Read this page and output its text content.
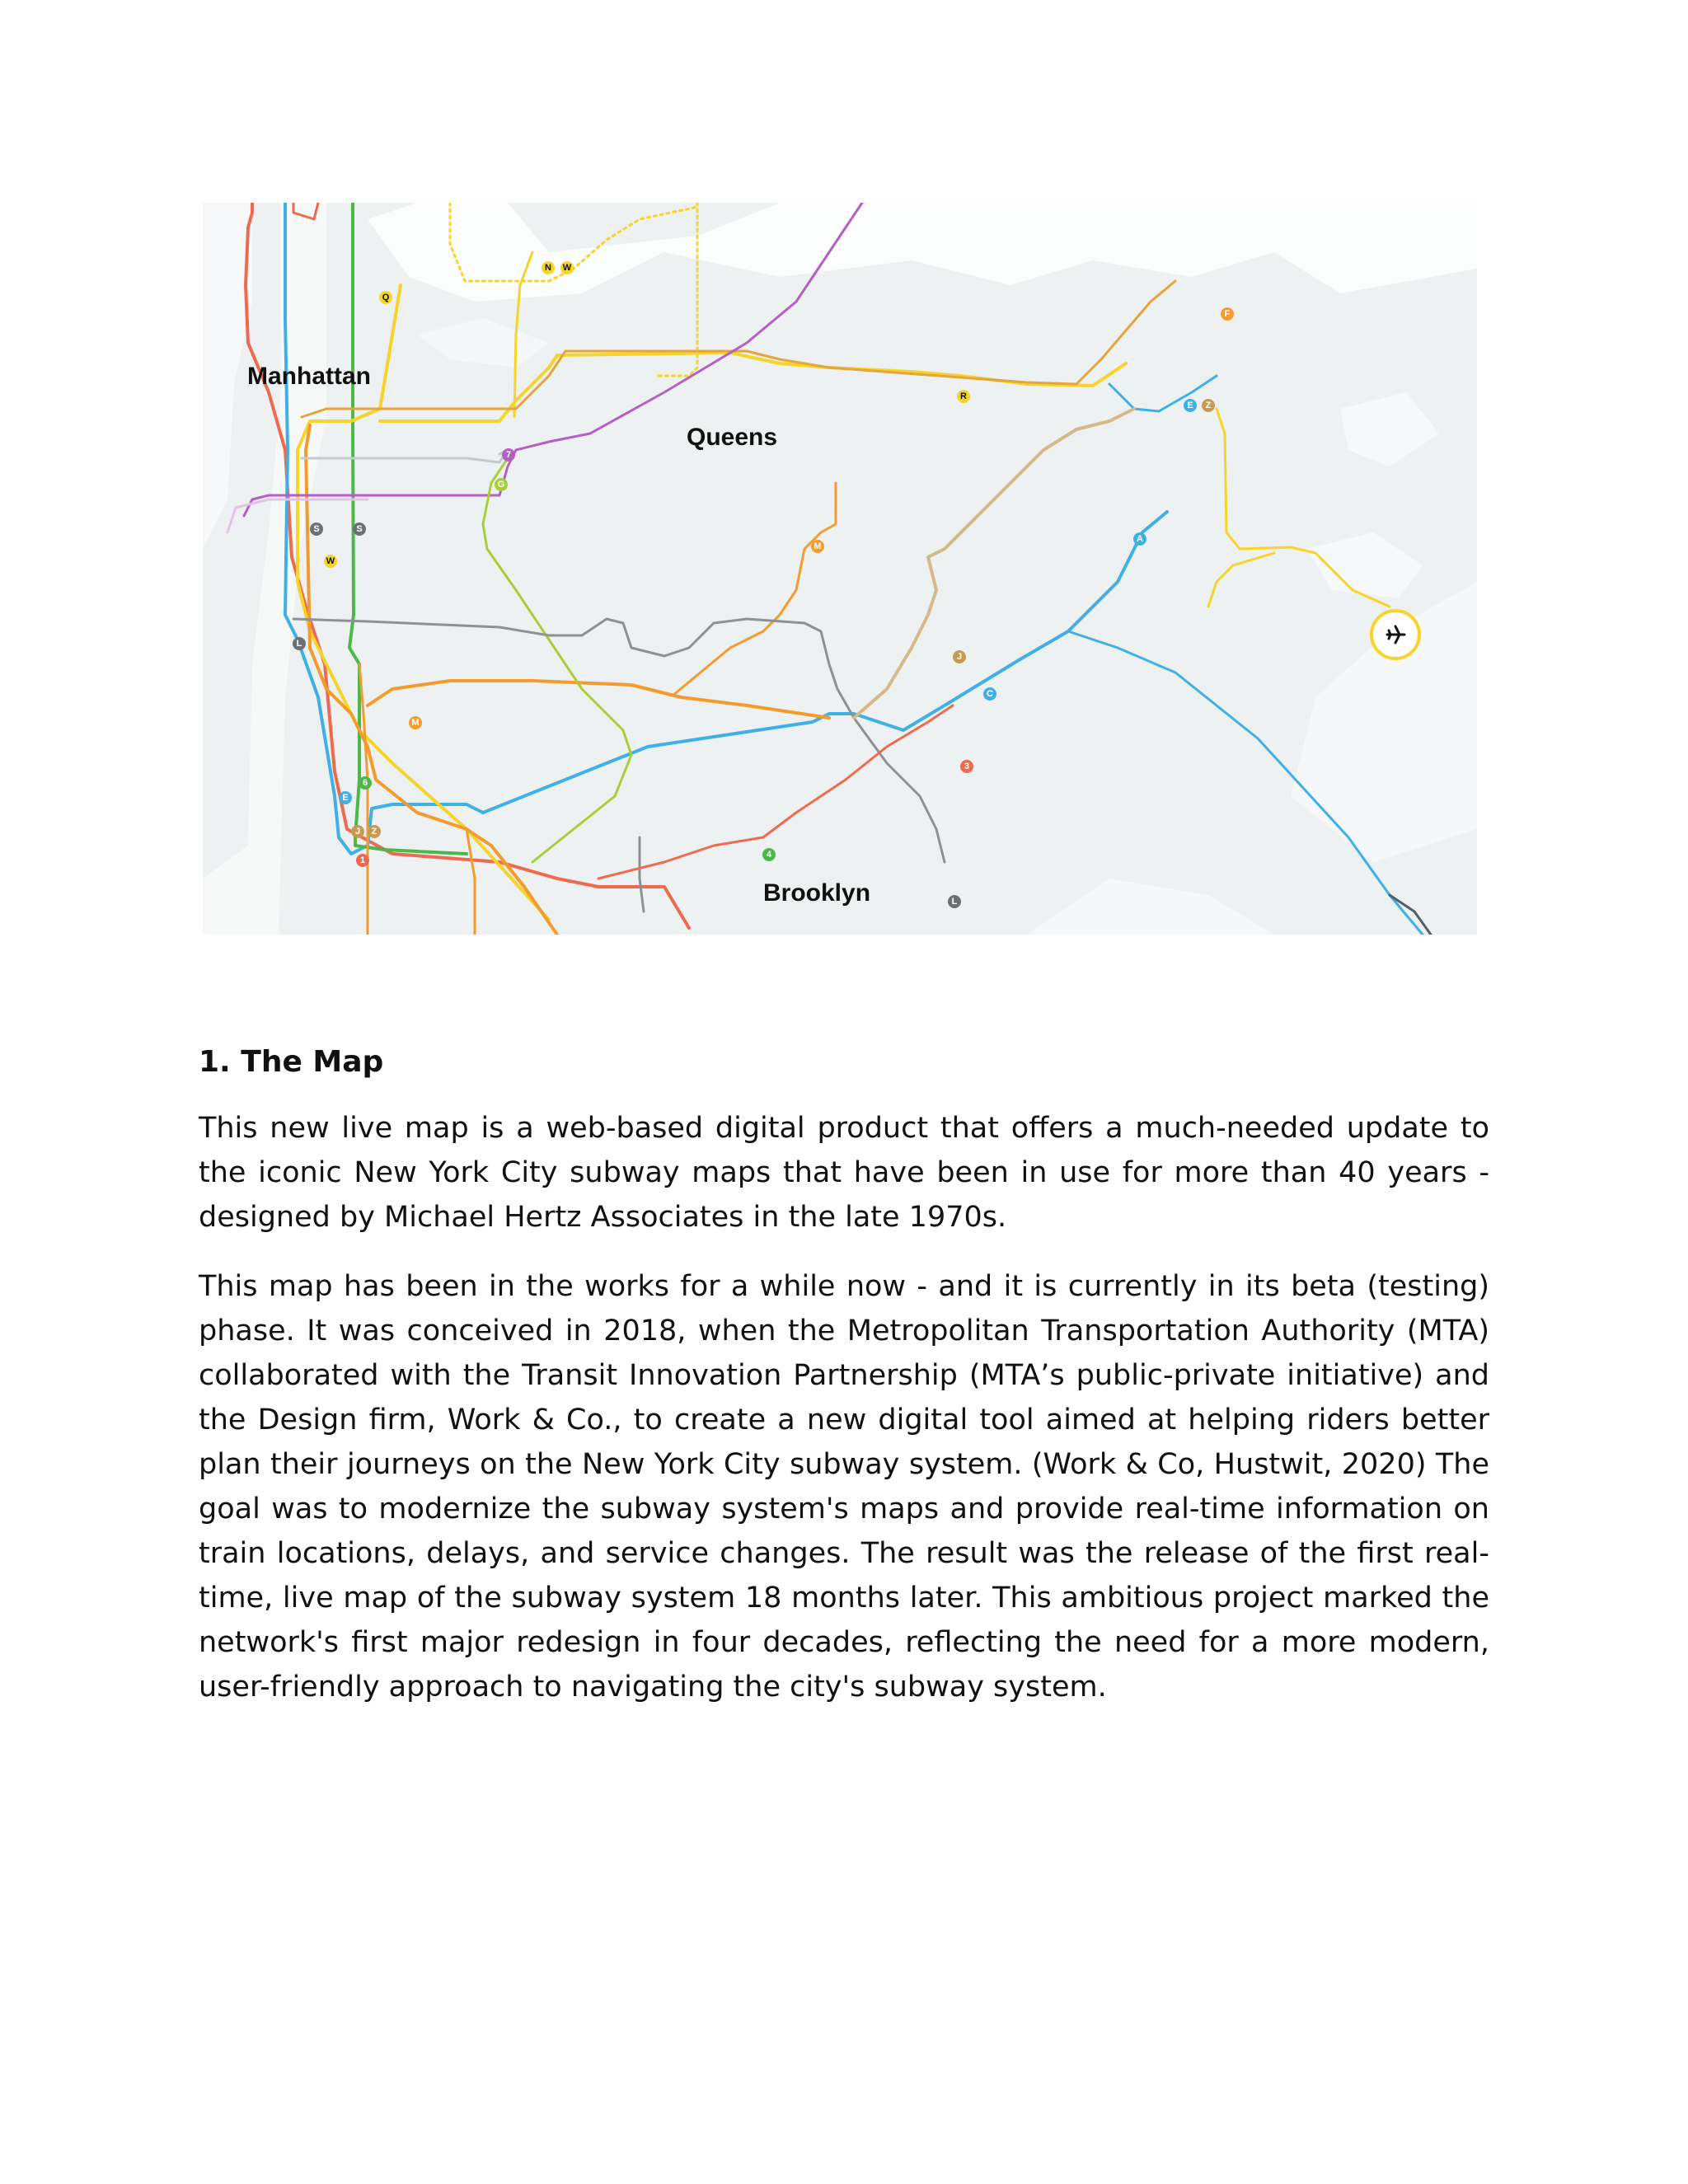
Q
N W
R
F
E Z
7
G
S	S
W
M
A
L
J
C
M
3
6
E
J Z
1
4
L
Manhattan
Queens
Brooklyn
1. The Map

This new live map is a web-based digital product that offers a much-needed update to the iconic New York City subway maps that have been in use for more than 40 years - designed by Michael Hertz Associates in the late 1970s.

This map has been in the works for a while now - and it is currently in its beta (testing) phase. It was conceived in 2018, when the Metropolitan Transportation Authority (MTA) collaborated with the Transit Innovation Partnership (MTA’s public-private initiative) and the Design firm, Work & Co., to create a new digital tool aimed at helping riders better plan their journeys on the New York City subway system. (Work & Co, Hustwit, 2020) The goal was to modernize the subway system's maps and provide real-time information on train locations, delays, and service changes. The result was the release of the first real-time, live map of the subway system 18 months later. This ambitious project marked the network's first major redesign in four decades, reflecting the need for a more modern, user-friendly approach to navigating the city's subway system.
